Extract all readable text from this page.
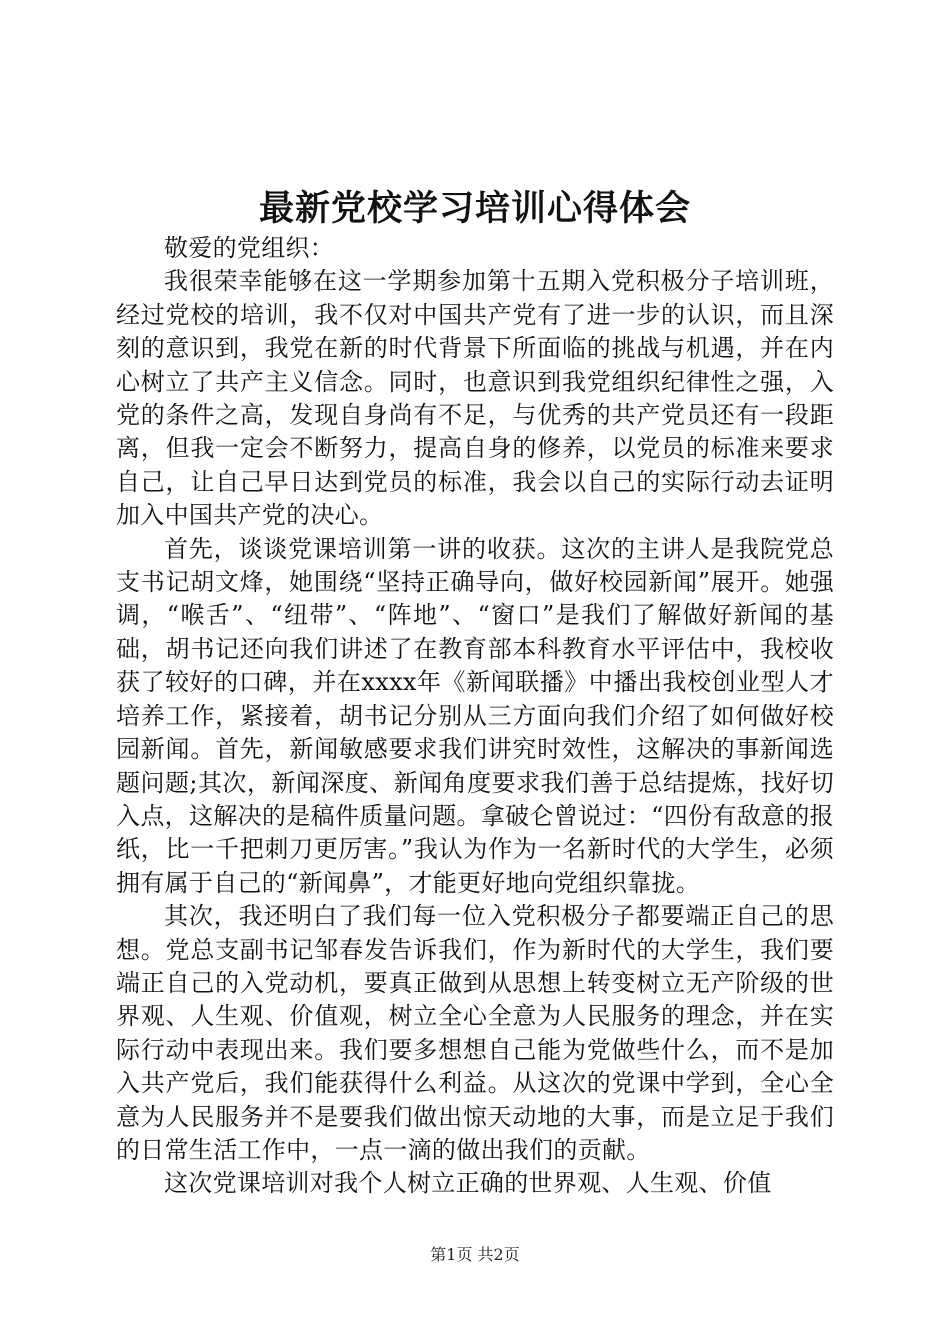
最新党校学习培训心得体会

敬爱的党组织：

我很荣幸能够在这一学期参加第十五期入党积极分子培训班，经过党校的培训，我不仅对中国共产党有了进一步的认识，而且深刻的意识到，我党在新的时代背景下所面临的挑战与机遇，并在内心树立了共产主义信念。同时，也意识到我党组织纪律性之强，入党的条件之高，发现自身尚有不足，与优秀的共产党员还有一段距离，但我一定会不断努力，提高自身的修养，以党员的标准来要求自己，让自己早日达到党员的标准，我会以自己的实际行动去证明加入中国共产党的决心。

首先，谈谈党课培训第一讲的收获。这次的主讲人是我院党总支书记胡文烽，她围绕“坚持正确导向，做好校园新闻”展开。她强调，“喉舌”、“纽带”、“阵地”、“窗口”是我们了解做好新闻的基础，胡书记还向我们讲述了在教育部本科教育水平评估中，我校收获了较好的口碑，并在xxxx年《新闻联播》中播出我校创业型人才培养工作，紧接着，胡书记分别从三方面向我们介绍了如何做好校园新闻。首先，新闻敏感要求我们讲究时效性，这解决的事新闻选题问题;其次，新闻深度、新闻角度要求我们善于总结提炼，找好切入点，这解决的是稿件质量问题。拿破仑曾说过：“四份有敌意的报纸，比一千把刺刀更厉害。”我认为作为一名新时代的大学生，必须拥有属于自己的“新闻鼻”，才能更好地向党组织靠拢。

其次，我还明白了我们每一位入党积极分子都要端正自己的思想。党总支副书记邹春发告诉我们，作为新时代的大学生，我们要端正自己的入党动机，要真正做到从思想上转变树立无产阶级的世界观、人生观、价值观，树立全心全意为人民服务的理念，并在实际行动中表现出来。我们要多想想自己能为党做些什么，而不是加入共产党后，我们能获得什么利益。从这次的党课中学到，全心全意为人民服务并不是要我们做出惊天动地的大事，而是立足于我们的日常生活工作中，一点一滴的做出我们的贡献。

这次党课培训对我个人树立正确的世界观、人生观、价值

第1页 共2页
